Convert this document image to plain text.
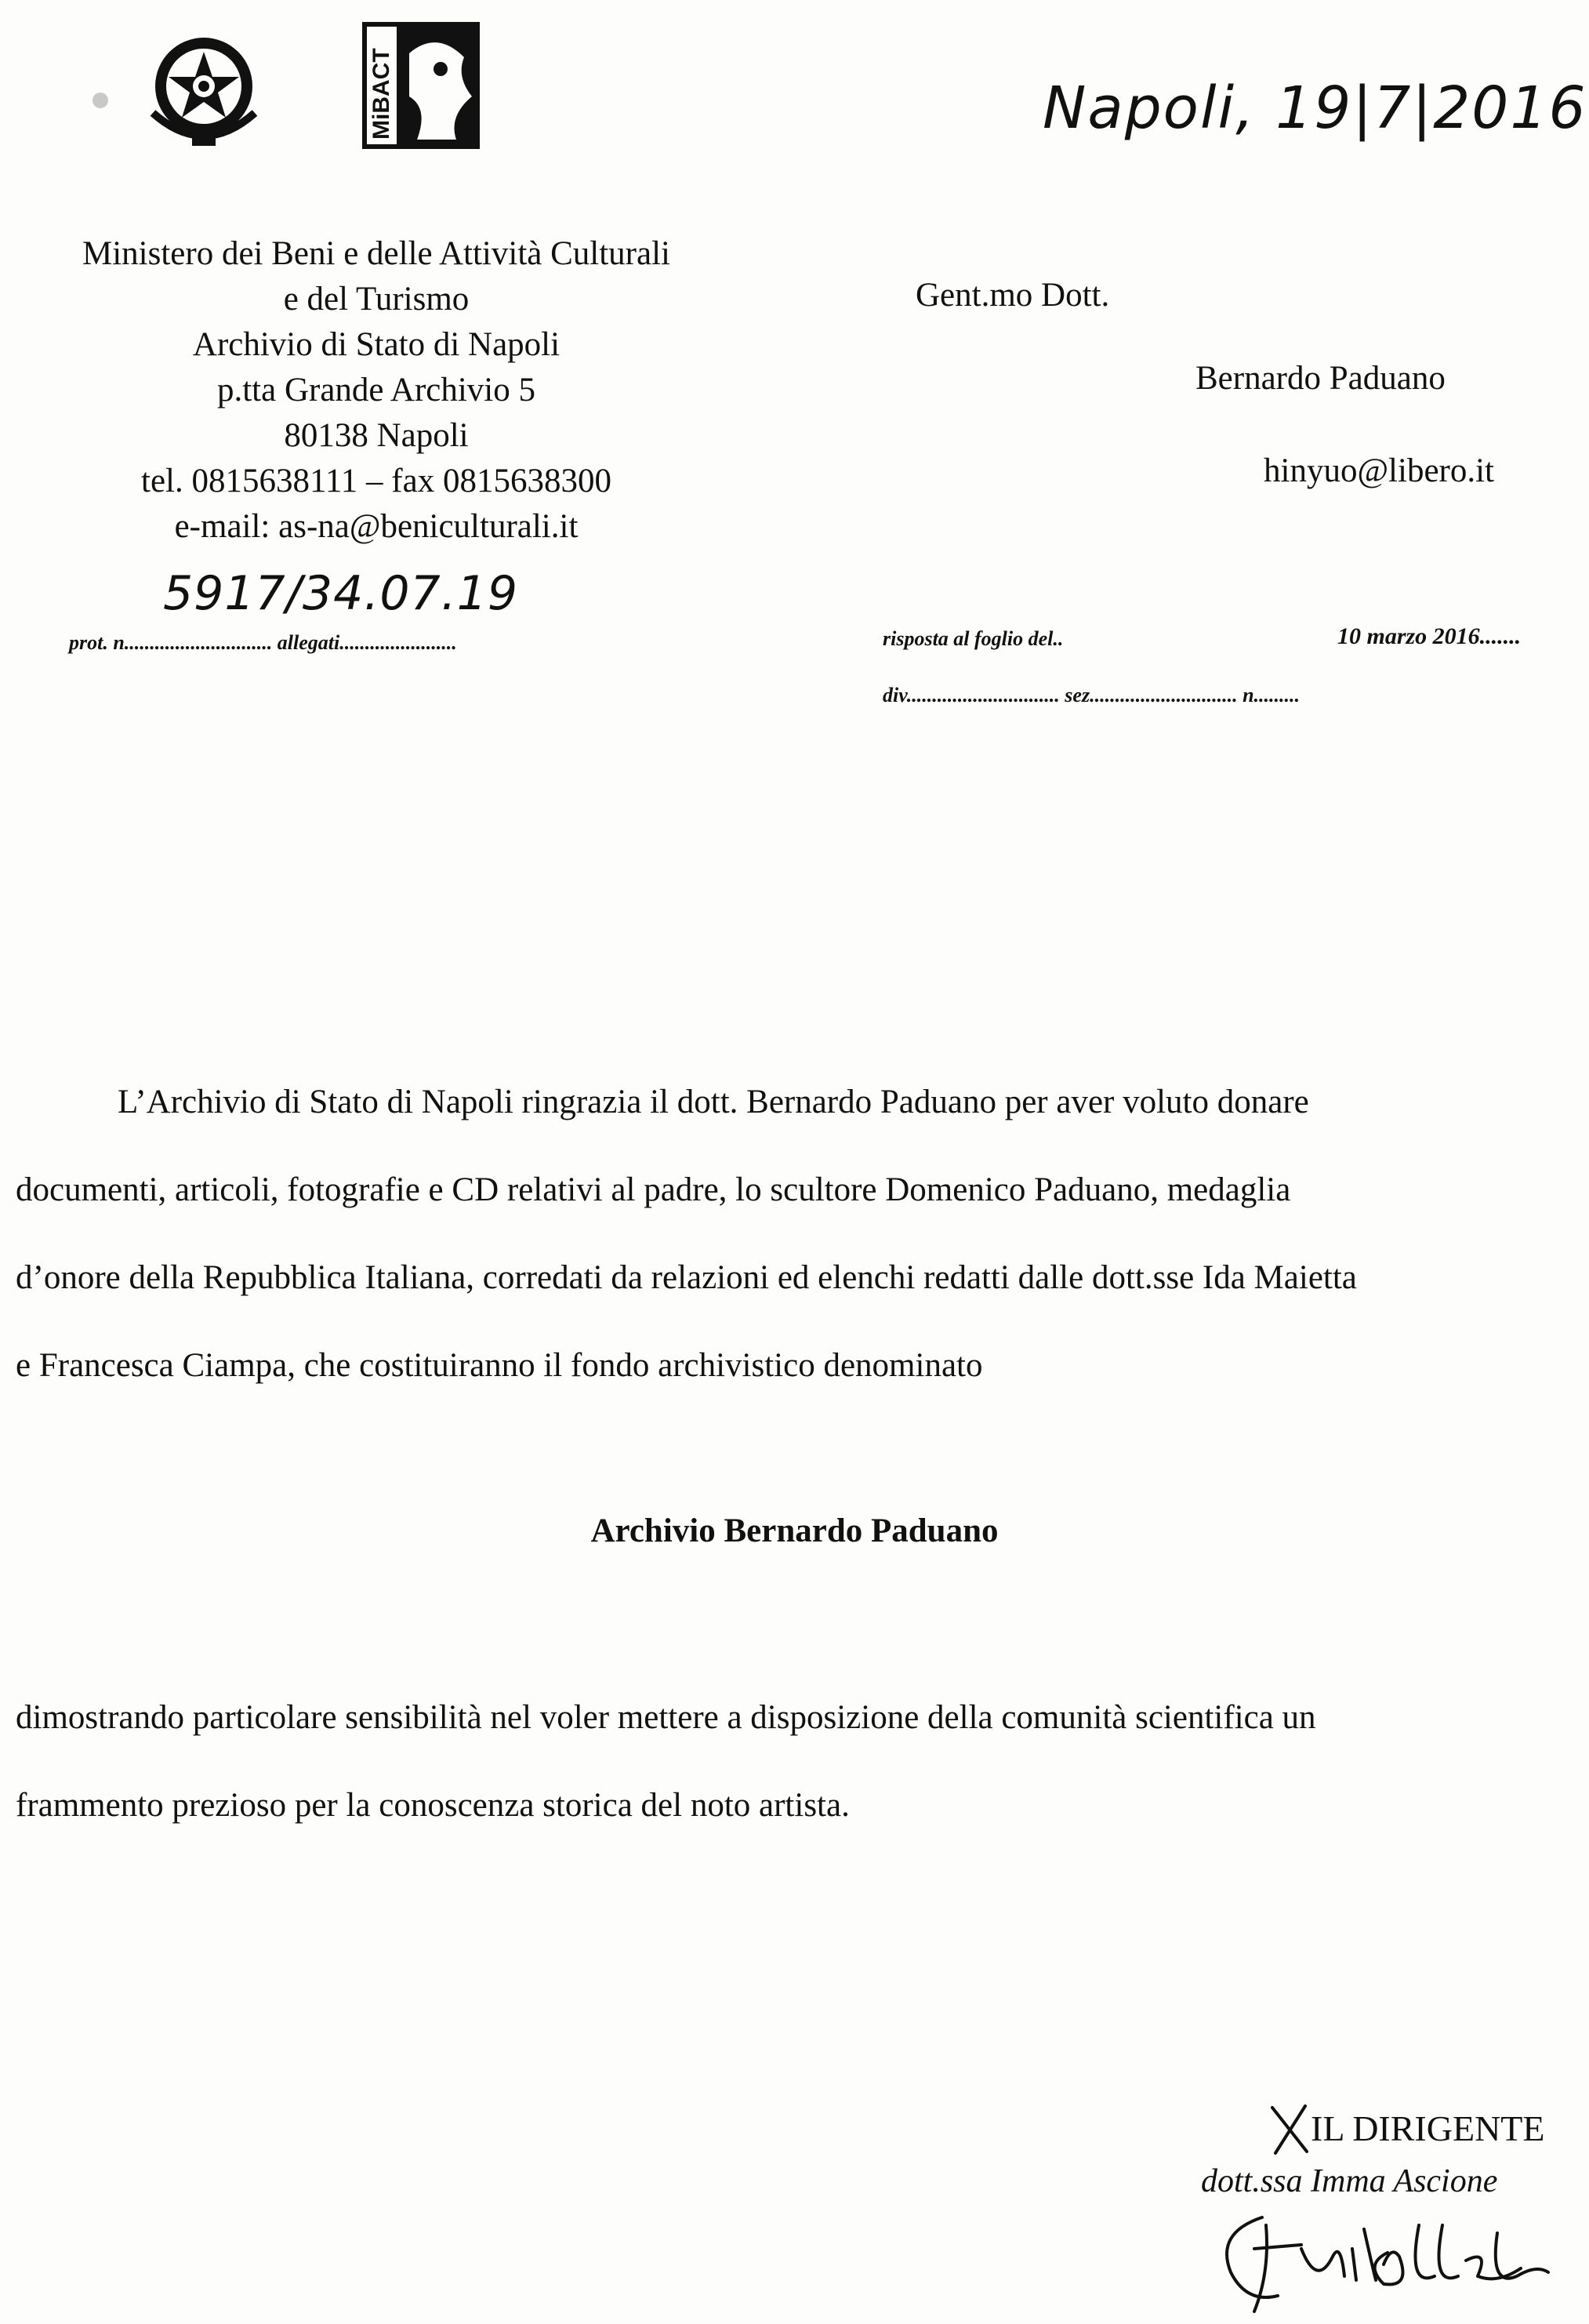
MiBACT	Napoli, 19|7|2016
Ministero dei Beni e delle Attività Culturali
e del Turismo
Archivio di Stato di Napoli
p.tta Grande Archivio 5
80138 Napoli
tel. 0815638111 – fax 0815638300
e-mail: as-na@beniculturali.it
Gent.mo Dott.
Bernardo Paduano
hinyuo@libero.it
5917/34.07.19
prot. n............................. allegati.......................	risposta al foglio del..	10 marzo 2016.......
div.............................. sez............................. n.........
L’Archivio di Stato di Napoli ringrazia il dott. Bernardo Paduano per aver voluto donare
documenti, articoli, fotografie e CD relativi al padre, lo scultore Domenico Paduano, medaglia
d’onore della Repubblica Italiana, corredati da relazioni ed elenchi redatti dalle dott.sse Ida Maietta
e Francesca Ciampa, che costituiranno il fondo archivistico denominato
Archivio Bernardo Paduano
dimostrando particolare sensibilità nel voler mettere a disposizione della comunità scientifica un
frammento prezioso per la conoscenza storica del noto artista.
IL DIRIGENTE
dott.ssa Imma Ascione
